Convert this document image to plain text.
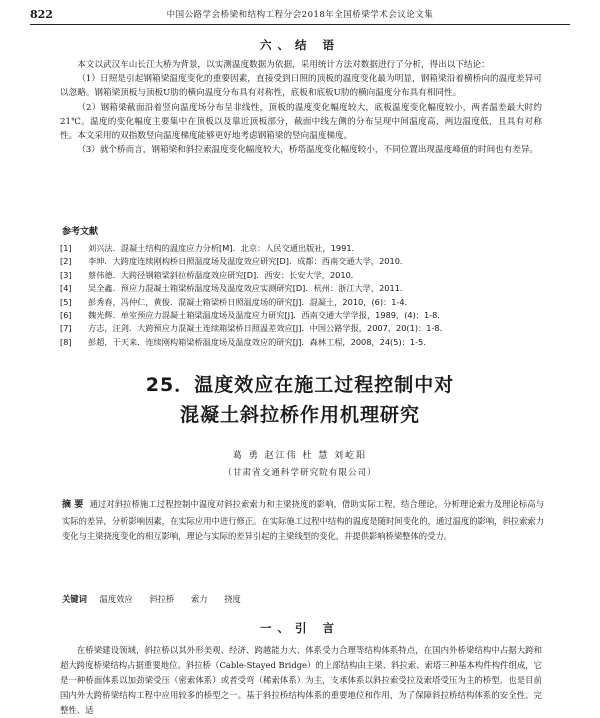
822	中国公路学会桥梁和结构工程分会2018年全国桥梁学术会议论文集
六、结 语

本文以武汉车山长江大桥为背景，以实测温度数据为依据，采用统计方法对数据进行了分析，得出以下结论：

（1）日照是引起钢箱梁温度变化的重要因素，直接受到日照的顶板的温度变化最为明显，钢箱梁沿着横桥向的温度差异可以忽略。钢箱梁顶板与顶板U肋的横向温度分布具有对称性，底板和底板U肋的横向温度分布具有相同性。

（2）钢箱梁截面沿着竖向温度场分布呈非线性，顶板的温度变化幅度较大，底板温度变化幅度较小，两者温差最大时约21℃。温度的变化幅度主要集中在顶板以及靠近顶板部分，截面中线左侧的分布呈现中间温度高，两边温度低，且具有对称性。本文采用的双指数竖向温度梯度能够更好地考虑钢箱梁的竖向温度梯度。

（3）就个桥而言，钢箱梁和斜拉索温度变化幅度较大，桥塔温度变化幅度较小，不同位置出现温度峰值的时间也有差异。

参考文献
[1]	刘兴法．混凝土结构的温度应力分析[M]．北京：人民交通出版社，1991．
[2]	李坤．大跨度连续刚构桥日照温度场及温度效应研究[D]．成都：西南交通大学，2010．
[3]	蔡伟德．大跨径钢箱梁斜拉桥温度效应研究[D]．西安：长安大学，2010．
[4]	吴全鑫．预应力混凝土箱梁桥温度场及温度效应实测研究[D]．杭州：浙江大学，2011．
[5]	彭秀春，冯仲仁，黄俊．混凝土箱梁桥日照温度场的研究[J]．混凝土，2010，(6)：1-4．
[6]	魏光辉．单室预应力混凝土箱梁温度场及温度应力研究[J]．西南交通大学学报，1989，(4)：1-8．
[7]	方志，汪剑．大跨预应力混凝土连续箱梁桥日照温差效应[J]．中国公路学报，2007，20(1)：1-8．
[8]	彭超，于天来．连续刚构箱梁桥温度场及温度效应的研究[J]．森林工程，2008，24(5)：1-5．
25．温度效应在施工过程控制中对
混凝土斜拉桥作用机理研究
葛 勇 赵江伟 杜 慧 刘屹阳
（甘肃省交通科学研究院有限公司）
摘 要 通过对斜拉桥施工过程控制中温度对斜拉索索力和主梁挠度的影响，借助实际工程，结合理论，分析理论索力及理论标高与实际的差异，分析影响因素，在实际应用中进行修正。在实际施工过程中结构的温度是随时间变化的，通过温度的影响，斜拉索索力变化与主梁挠度变化的相互影响，理论与实际的差异引起的主梁线型的变化，并提供影响桥梁整体的受力。
关键词 温度效应 斜拉桥 索力 挠度
一、引 言

在桥梁建设领域，斜拉桥以其外形美观、经济、跨越能力大、体系受力合理等结构体系特点，在国内外桥梁结构中占据大跨和超大跨度桥梁结构占据重要地位。斜拉桥（Cable-Stayed Bridge）的上部结构由主梁、斜拉索、索塔三种基本构件构件组成，它是一种桥面体系以加劲梁受压（密索体系）或者受弯（稀索体系）为主，支承体系以斜拉索受拉及索塔受压为主的桥型，也是目前国内外大跨桥梁结构工程中应用较多的桥型之一。基于斜拉桥结构体系的重要地位和作用，为了保障斜拉桥结构体系的安全性、完整性、适
